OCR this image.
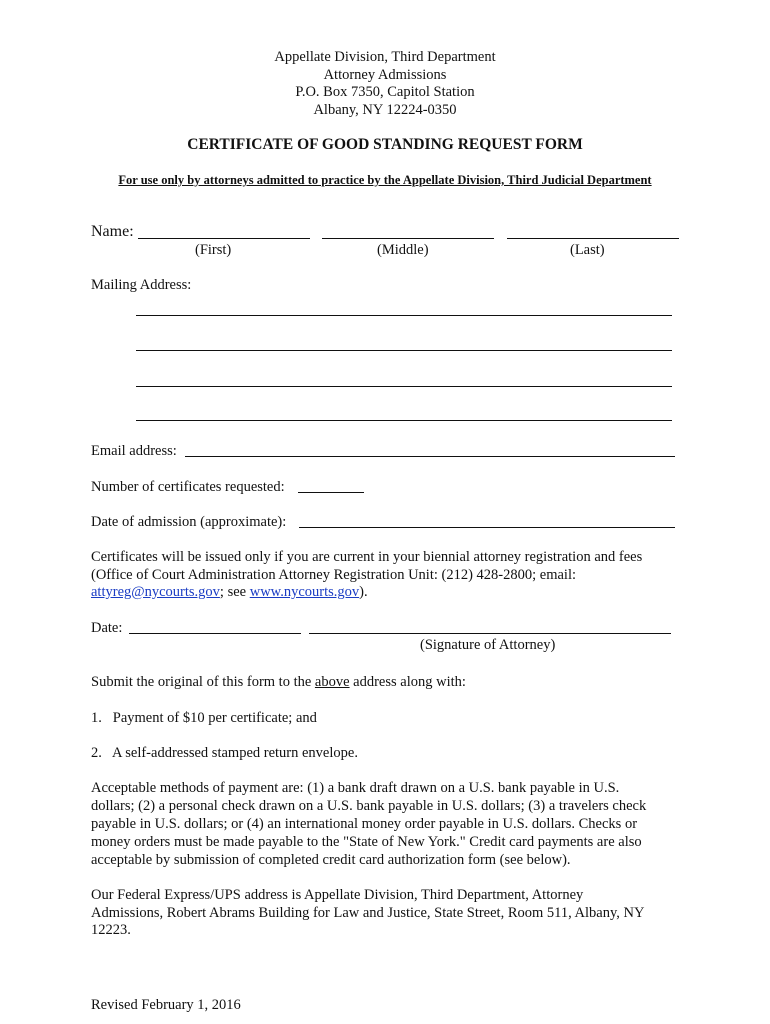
Appellate Division, Third Department
Attorney Admissions
P.O. Box 7350, Capitol Station
Albany, NY 12224-0350
CERTIFICATE OF GOOD STANDING REQUEST FORM
For use only by attorneys admitted to practice by the Appellate Division, Third Judicial Department
Name:
(First)	(Middle)	(Last)
Mailing Address:
Email address:
Number of certificates requested:
Date of admission (approximate):
Certificates will be issued only if you are current in your biennial attorney registration and fees
(Office of Court Administration Attorney Registration Unit: (212) 428-2800; email:
attyreg@nycourts.gov; see www.nycourts.gov).
Date:
(Signature of Attorney)
Submit the original of this form to the above address along with:
1.   Payment of $10 per certificate; and
2.   A self-addressed stamped return envelope.
Acceptable methods of payment are: (1) a bank draft drawn on a U.S. bank payable in U.S.
dollars; (2) a personal check drawn on a U.S. bank payable in U.S. dollars; (3) a travelers check
payable in U.S. dollars; or (4) an international money order payable in U.S. dollars. Checks or
money orders must be made payable to the "State of New York." Credit card payments are also
acceptable by submission of completed credit card authorization form (see below).
Our Federal Express/UPS address is Appellate Division, Third Department, Attorney
Admissions, Robert Abrams Building for Law and Justice, State Street, Room 511, Albany, NY
12223.
Revised February 1, 2016
